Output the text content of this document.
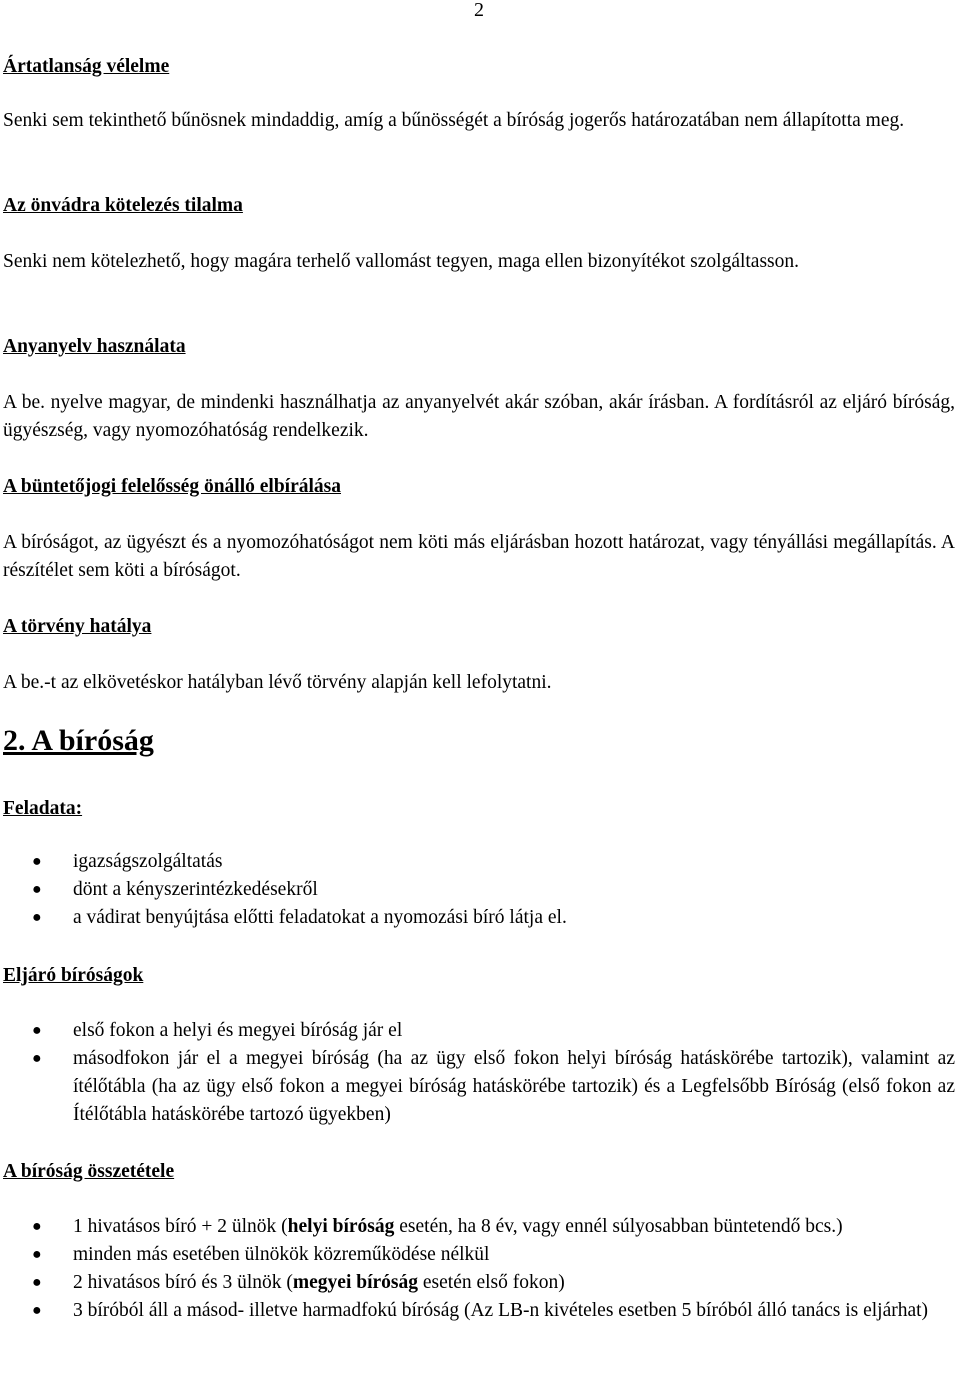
2
Ártatlanság vélelme
Senki sem tekinthető bűnösnek mindaddig, amíg a bűnösségét a bíróság jogerős határozatában nem állapította meg.
Az önvádra kötelezés tilalma
Senki nem kötelezhető, hogy magára terhelő vallomást tegyen, maga ellen bizonyítékot szolgáltasson.
Anyanyelv használata
A be. nyelve magyar, de mindenki használhatja az anyanyelvét akár szóban, akár írásban. A fordításról az eljáró bíróság, ügyészség, vagy nyomozóhatóság rendelkezik.
A büntetőjogi felelősség önálló elbírálása
A bíróságot, az ügyészt és a nyomozóhatóságot nem köti más eljárásban hozott határozat, vagy tényállási megállapítás. A részítélet sem köti a bíróságot.
A törvény hatálya
A be.-t az elkövetéskor hatályban lévő törvény alapján kell lefolytatni.
2. A bíróság
Feladata:
● igazságszolgáltatás
● dönt a kényszerintézkedésekről
● a vádirat benyújtása előtti feladatokat a nyomozási bíró látja el.
Eljáró bíróságok
● első fokon a helyi és megyei bíróság jár el
● másodfokon jár el a megyei bíróság (ha az ügy első fokon helyi bíróság hatáskörébe tartozik), valamint az ítélőtábla (ha az ügy első fokon a megyei bíróság hatáskörébe tartozik) és a Legfelsőbb Bíróság (első fokon az Ítélőtábla hatáskörébe tartozó ügyekben)
A bíróság összetétele
● 1 hivatásos bíró + 2 ülnök (helyi bíróság esetén, ha 8 év, vagy ennél súlyosabban büntetendő bcs.)
● minden más esetében ülnökök közreműködése nélkül
● 2 hivatásos bíró és 3 ülnök (megyei bíróság esetén első fokon)
● 3 bíróból áll a másod- illetve harmadfokú bíróság (Az LB-n kivételes esetben 5 bíróból álló tanács is eljárhat)
